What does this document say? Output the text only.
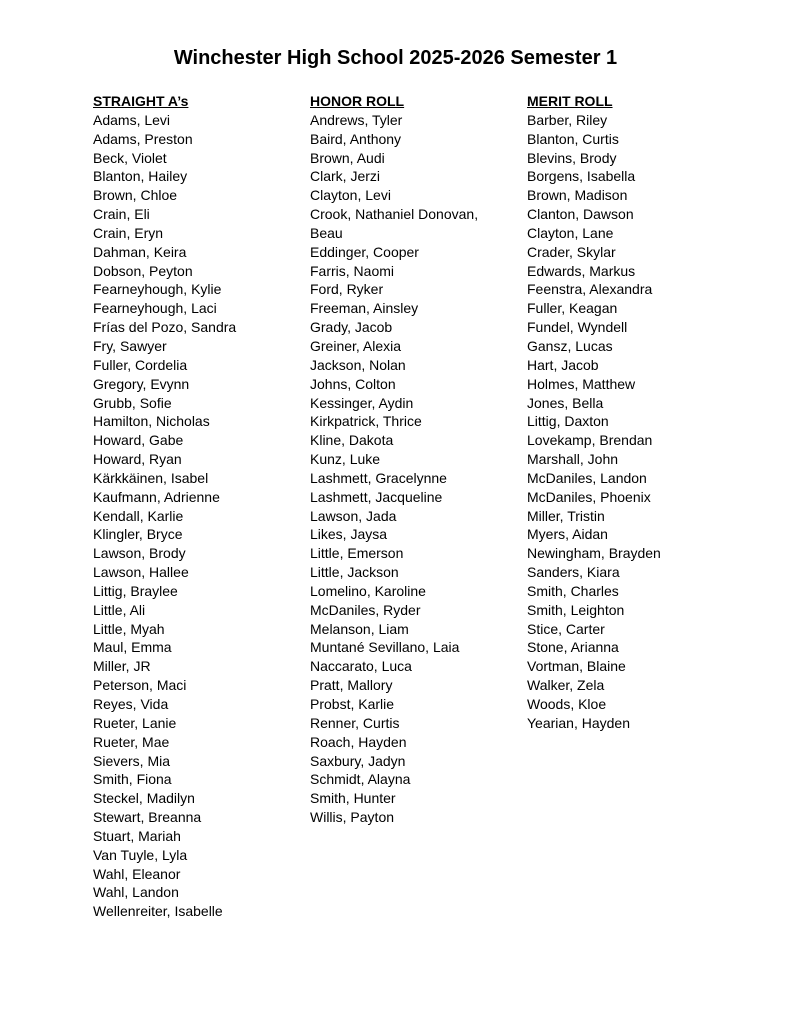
Winchester High School 2025-2026 Semester 1
STRAIGHT A’s
Adams, Levi
Adams, Preston
Beck, Violet
Blanton, Hailey
Brown, Chloe
Crain, Eli
Crain, Eryn
Dahman, Keira
Dobson, Peyton
Fearneyhough, Kylie
Fearneyhough, Laci
Frías del Pozo, Sandra
Fry, Sawyer
Fuller, Cordelia
Gregory, Evynn
Grubb, Sofie
Hamilton, Nicholas
Howard, Gabe
Howard, Ryan
Kärkkäinen, Isabel
Kaufmann, Adrienne
Kendall, Karlie
Klingler, Bryce
Lawson, Brody
Lawson, Hallee
Littig, Braylee
Little, Ali
Little, Myah
Maul, Emma
Miller, JR
Peterson, Maci
Reyes, Vida
Rueter, Lanie
Rueter, Mae
Sievers, Mia
Smith, Fiona
Steckel, Madilyn
Stewart, Breanna
Stuart, Mariah
Van Tuyle, Lyla
Wahl, Eleanor
Wahl, Landon
Wellenreiter, Isabelle
HONOR ROLL
Andrews, Tyler
Baird, Anthony
Brown, Audi
Clark, Jerzi
Clayton, Levi
Crook, Nathaniel Donovan,
Beau
Eddinger, Cooper
Farris, Naomi
Ford, Ryker
Freeman, Ainsley
Grady, Jacob
Greiner, Alexia
Jackson, Nolan
Johns, Colton
Kessinger, Aydin
Kirkpatrick, Thrice
Kline, Dakota
Kunz, Luke
Lashmett, Gracelynne
Lashmett, Jacqueline
Lawson, Jada
Likes, Jaysa
Little, Emerson
Little, Jackson
Lomelino, Karoline
McDaniles, Ryder
Melanson, Liam
Muntané Sevillano, Laia
Naccarato, Luca
Pratt, Mallory
Probst, Karlie
Renner, Curtis
Roach, Hayden
Saxbury, Jadyn
Schmidt, Alayna
Smith, Hunter
Willis, Payton
MERIT ROLL
Barber, Riley
Blanton, Curtis
Blevins, Brody
Borgens, Isabella
Brown, Madison
Clanton, Dawson
Clayton, Lane
Crader, Skylar
Edwards, Markus
Feenstra, Alexandra
Fuller, Keagan
Fundel, Wyndell
Gansz, Lucas
Hart, Jacob
Holmes, Matthew
Jones, Bella
Littig, Daxton
Lovekamp, Brendan
Marshall, John
McDaniles, Landon
McDaniles, Phoenix
Miller, Tristin
Myers, Aidan
Newingham, Brayden
Sanders, Kiara
Smith, Charles
Smith, Leighton
Stice, Carter
Stone, Arianna
Vortman, Blaine
Walker, Zela
Woods, Kloe
Yearian, Hayden
